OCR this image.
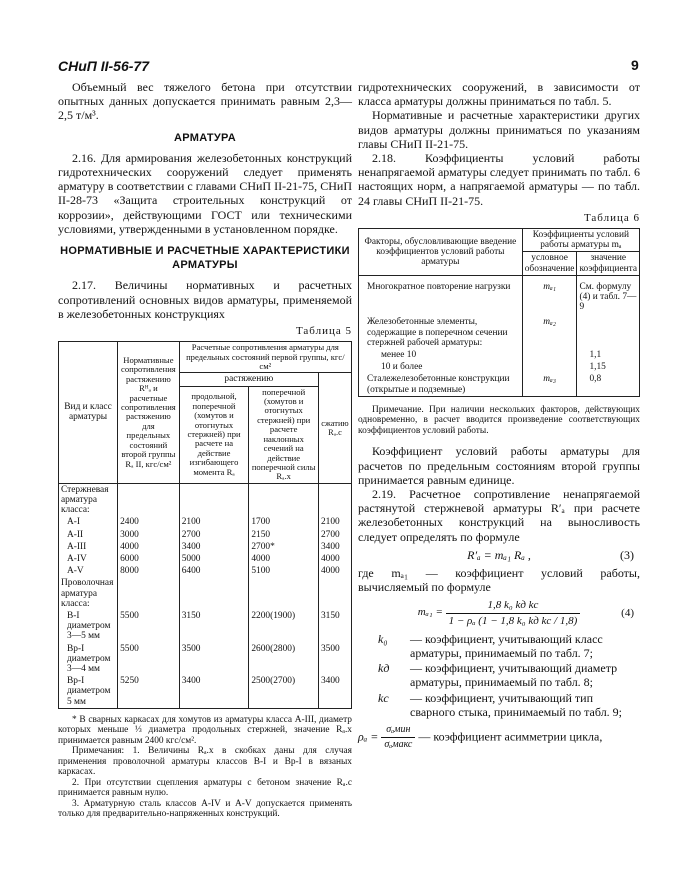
СНиП II-56-77	9

Объемный вес тяжелого бетона при отсутствии опытных данных допускается принимать равным 2,3—2,5 т/м³.

АРМАТУРА

2.16. Для армирования железобетонных конструкций гидротехнических сооружений следует применять арматуру в соответствии с главами СНиП II-21-75, СНиП II-28-73 «Защита строительных конструкций от коррозии», действующими ГОСТ или техническими условиями, утвержденными в установленном порядке.

НОРМАТИВНЫЕ И РАСЧЕТНЫЕ ХАРАКТЕРИСТИКИ АРМАТУРЫ

2.17. Величины нормативных и расчетных сопротивлений основных видов арматуры, применяемой в железобетонных конструкциях

Таблица 5
Вид и класс арматуры	Нормативные сопротивления растяжению Rᴴₐ и расчетные сопротивления растяжению для предельных состояний второй группы Rₐ II, кгс/см²	Расчетные сопротивления арматуры для предельных состояний первой группы, кгс/см²		
		растяжению		сжатию Rₐ.с
		продольной, поперечной (хомутов и отогнутых стержней) при расчете на действие изгибающего момента Rₐ	поперечной (хомутов и отогнутых стержней) при расчете наклонных сечений на действие поперечной силы Rₐ.х	
Стержневая арматура класса:				
А-I	2400	2100	1700	2100
А-II	3000	2700	2150	2700
А-III	4000	3400	2700*	3400
А-IV	6000	5000	4000	4000
А-V	8000	6400	5100	4000
Проволочная арматура класса:				
В-I диаметром 3—5 мм	5500	3150	2200(1900)	3150
Вр-I диаметром 3—4 мм	5500	3500	2600(2800)	3500
Вр-I диаметром 5 мм	5250	3400	2500(2700)	3400

* В сварных каркасах для хомутов из арматуры класса А-III, диаметр которых меньше ⅓ диаметра продольных стержней, значение Rₐ.х принимается равным 2400 кгс/см².

Примечания: 1. Величины Rₐ.х в скобках даны для случая применения проволочной арматуры классов В-I и Вр-I в вязаных каркасах.

2. При отсутствии сцепления арматуры с бетоном значение Rₐ.с принимается равным нулю.

3. Арматурную сталь классов А-IV и А-V допускается применять только для предварительно-напряженных конструкций.

гидротехнических сооружений, в зависимости от класса арматуры должны приниматься по табл. 5.

Нормативные и расчетные характеристики других видов арматуры должны приниматься по указаниям главы СНиП II-21-75.

2.18. Коэффициенты условий работы ненапрягаемой арматуры следует принимать по табл. 6 настоящих норм, а напрягаемой арматуры — по табл. 24 главы СНиП II-21-75.

Таблица 6
Факторы, обусловливающие введение коэффициентов условий работы арматуры	Коэффициенты условий работы арматуры mₐ	
	условное обозначение	значение коэффициента
Многократное повторение нагрузки	mₐ₁	См. формулу (4) и табл. 7—9
Железобетонные элементы, содержащие в поперечном сечении стержней рабочей арматуры:	mₐ₂	
менее 10		1,1
10 и более		1,15
Сталежелезобетонные конструкции (открытые и подземные)	mₐ₃	0,8

Примечание. При наличии нескольких факторов, действующих одновременно, в расчет вводится произведение соответствующих коэффициентов условий работы.

Коэффициент условий работы арматуры для расчетов по предельным состояниям второй группы принимается равным единице.

2.19. Расчетное сопротивление ненапрягаемой растянутой стержневой арматуры R′ₐ при расчете железобетонных конструкций на выносливость следует определять по формуле

R′ₐ = mₐ₁ Rₐ ,	(3)

где mₐ₁ — коэффициент условий работы, вычисляемый по формуле

$m_{a1} = \frac{\text{1,8 k₀ kд kс}}{\text{1 − ρₐ (1 − 1,8 k₀ kд kс / 1,8)}}$	(4)
k₀ — коэффициент, учитывающий класс арматуры, принимаемый по табл. 7;
kд — коэффициент, учитывающий диаметр арматуры, принимаемый по табл. 8;
kс — коэффициент, учитывающий тип сварного стыка, принимаемый по табл. 9;
$\rho_a = \frac{\text{σₐмин}}{\text{σₐмакс}}$ — коэффициент асимметрии цикла,
